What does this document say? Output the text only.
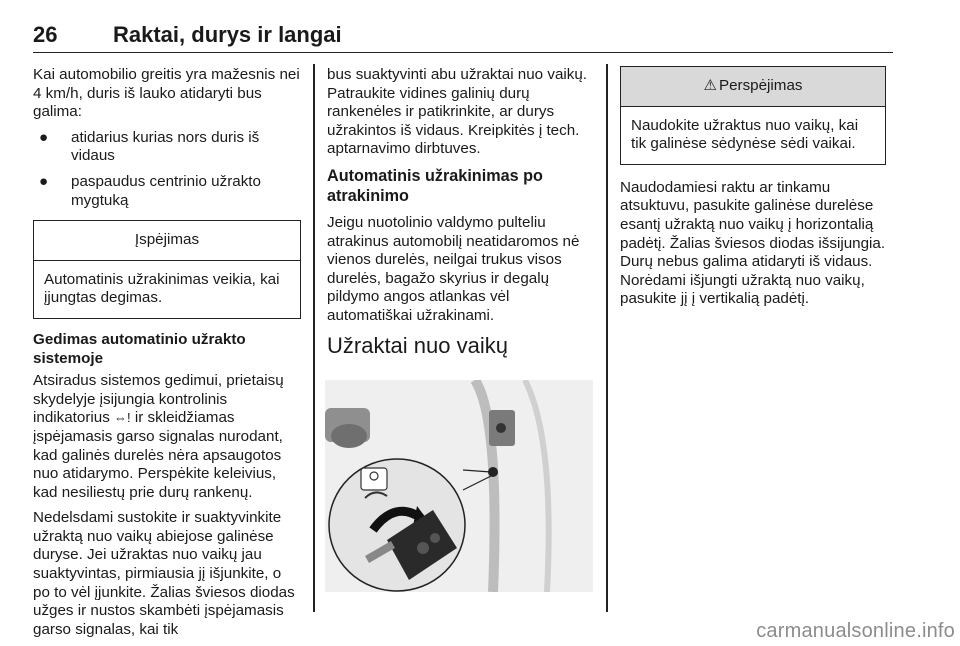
26	Raktai, durys ir langai

Kai automobilio greitis yra mažesnis nei 4 km/h, duris iš lauko atidaryti bus galima:

●	atidarius kurias nors duris iš vidaus
●	paspaudus centrinio užrakto mygtuką
Įspėjimas
Automatinis užrakinimas veikia, kai įjungtas degimas.
Gedimas automatinio užrakto sistemoje

Atsiradus sistemos gedimui, prietaisų skydelyje įsijungia kontrolinis indikatorius ⇔! ir skleidžiamas įspėjamasis garso signalas nurodant, kad galinės durelės nėra apsaugotos nuo atidarymo. Perspėkite keleivius, kad nesiliestų prie durų rankenų.

Nedelsdami sustokite ir suaktyvinkite užraktą nuo vaikų abiejose galinėse duryse. Jei užraktas nuo vaikų jau suaktyvintas, pirmiausia jį išjunkite, o po to vėl įjunkite. Žalias šviesos diodas užges ir nustos skambėti įspėjamasis garso signalas, kai tik

bus suaktyvinti abu užraktai nuo vaikų. Patraukite vidines galinių durų rankenėles ir patikrinkite, ar durys užrakintos iš vidaus. Kreipkitės į tech. aptarnavimo dirbtuves.

Automatinis užrakinimas po atrakinimo

Jeigu nuotolinio valdymo pulteliu atrakinus automobilį neatidaromos nė vienos durelės, neilgai trukus visos durelės, bagažo skyrius ir degalų pildymo angos atlankas vėl automatiškai užrakinami.

Užraktai nuo vaikų
⚠ Perspėjimas
Naudokite užraktus nuo vaikų, kai tik galinėse sėdynėse sėdi vaikai.

Naudodamiesi raktu ar tinkamu atsuktuvu, pasukite galinėse durelėse esantį užraktą nuo vaikų į horizontalią padėtį. Žalias šviesos diodas išsijungia. Durų nebus galima atidaryti iš vidaus. Norėdami išjungti užraktą nuo vaikų, pasukite jį į vertikalią padėtį.

carmanualsonline.info
